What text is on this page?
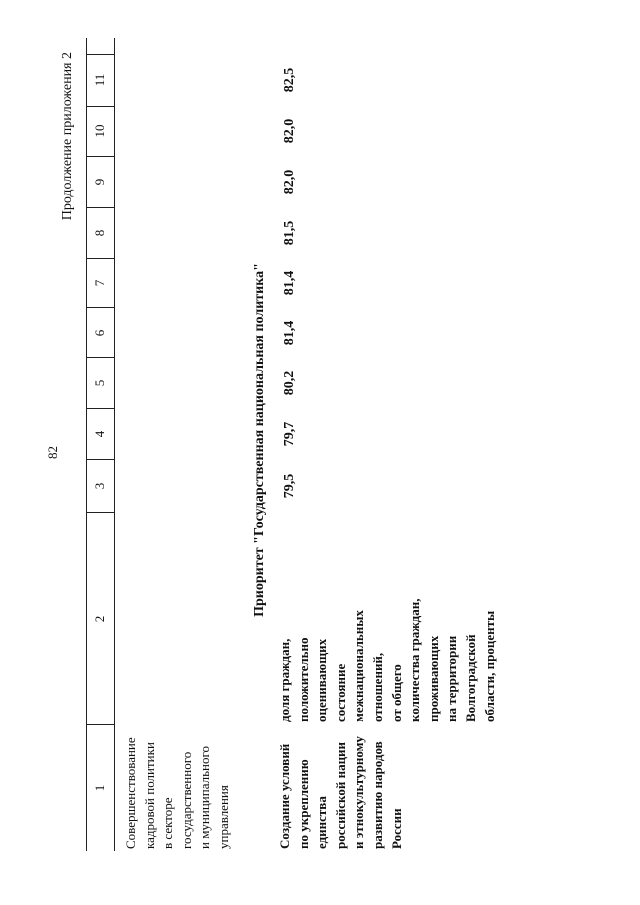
82
Продолжение приложения 2
1
2
3
4
5
6
7
8
9
10
11
Совершенствование кадровой политики в секторе государственного и муниципального управления
Приоритет "Государственная национальная политика"
Создание условий по укреплению единства российской нации и этнокультурному развитию народов России
доля граждан, положительно оценивающих состояние межнациональных отношений, от общего количества граждан, проживающих на территории Волгоградской области, проценты
79,5
79,7
80,2
81,4
81,4
81,5
82,0
82,0
82,5
